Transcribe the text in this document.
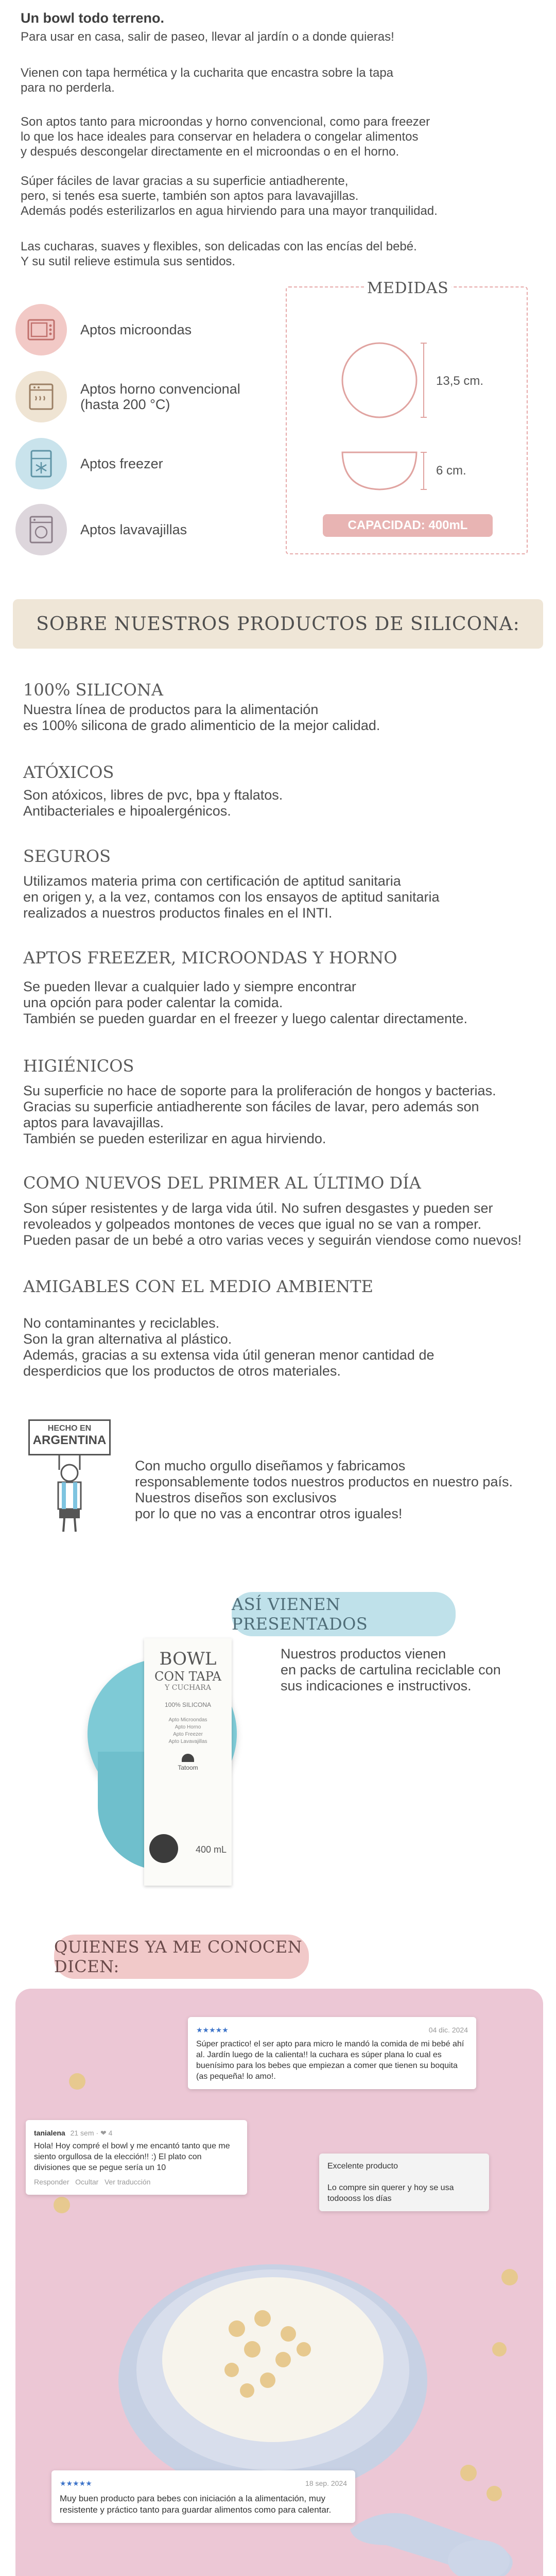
Un bowl todo terreno.
Para usar en casa, salir de paseo, llevar al jardín o a donde quieras!
Vienen con tapa hermética y la cucharita que encastra sobre la tapa
para no perderla.
Son aptos tanto para microondas y horno convencional, como para freezer
lo que los hace ideales para conservar en heladera o congelar alimentos
y después descongelar directamente en el microondas o en el horno.
Súper fáciles de lavar gracias a su superficie antiadherente,
pero, si tenés esa suerte, también son aptos para lavavajillas.
Además podés esterilizarlos en agua hirviendo para una mayor tranquilidad.
Las cucharas, suaves y flexibles, son delicadas con las encías del bebé.
Y su sutil relieve estimula sus sentidos.
Aptos microondas
Aptos horno convencional
(hasta 200 °C)
Aptos freezer
Aptos lavavajillas
MEDIDAS
13,5 cm.
6 cm.
CAPACIDAD: 400mL
SOBRE NUESTROS PRODUCTOS DE SILICONA:
100% SILICONA
Nuestra línea de productos para la alimentación
es 100% silicona de grado alimenticio de la mejor calidad.
ATÓXICOS
Son atóxicos, libres de pvc, bpa y ftalatos.
Antibacteriales e hipoalergénicos.
SEGUROS
Utilizamos materia prima con certificación de aptitud sanitaria
en origen y, a la vez, contamos con los ensayos de aptitud sanitaria
realizados a nuestros productos finales en el INTI.
APTOS FREEZER, MICROONDAS Y HORNO
Se pueden llevar a cualquier lado y siempre encontrar
una opción para poder calentar la comida.
También se pueden guardar en el freezer y luego calentar directamente.
HIGIÉNICOS
Su superficie no hace de soporte para la proliferación de hongos y bacterias.
Gracias su superficie antiadherente son fáciles de lavar, pero además son
aptos para lavavajillas.
También se pueden esterilizar en agua hirviendo.
COMO NUEVOS DEL PRIMER AL ÚLTIMO DÍA
Son súper resistentes y de larga vida útil. No sufren desgastes y pueden ser
revoleados y golpeados montones de veces que igual no se van a romper.
Pueden pasar de un bebé a otro varias veces y seguirán viendose como nuevos!
AMIGABLES CON EL MEDIO AMBIENTE
No contaminantes y reciclables.
Son la gran alternativa al plástico.
Además, gracias a su extensa vida útil generan menor cantidad de
desperdicios que los productos de otros materiales.
HECHO EN
ARGENTINA
Con mucho orgullo diseñamos y fabricamos
responsablemente todos nuestros productos en nuestro país.
Nuestros diseños son exclusivos
por lo que no vas a encontrar otros iguales!
ASÍ VIENEN PRESENTADOS
Nuestros productos vienen
en packs de cartulina reciclable con
sus indicaciones e instructivos.
BOWL
CON TAPA
Y CUCHARA
100% SILICONA
Apto Microondas
Apto Horno
Apto Freezer
Apto Lavavajillas
Tatoom
400 mL
QUIENES YA ME CONOCEN DICEN:
★★★★★	04 dic. 2024
Súper practico! el ser apto para micro le mandó la comida de mi bebé ahí al. Jardín luego de la calienta!! la cuchara es súper plana lo cual es buenísimo para los bebes que empiezan a comer que tienen su boquita (as pequeña! lo amo!.
tanialena 21 sem · ❤ 4
Hola! Hoy compré el bowl y me encantó tanto que me siento orgullosa de la elección!! :) El plato con divisiones que se pegue sería un 10
Responder   Ocultar   Ver traducción
Excelente producto
Lo compre sin querer y hoy se usa todoooss los días
★★★★★	18 sep. 2024
Muy buen producto para bebes con iniciación a la alimentación, muy resistente y práctico tanto para guardar alimentos como para calentar.
